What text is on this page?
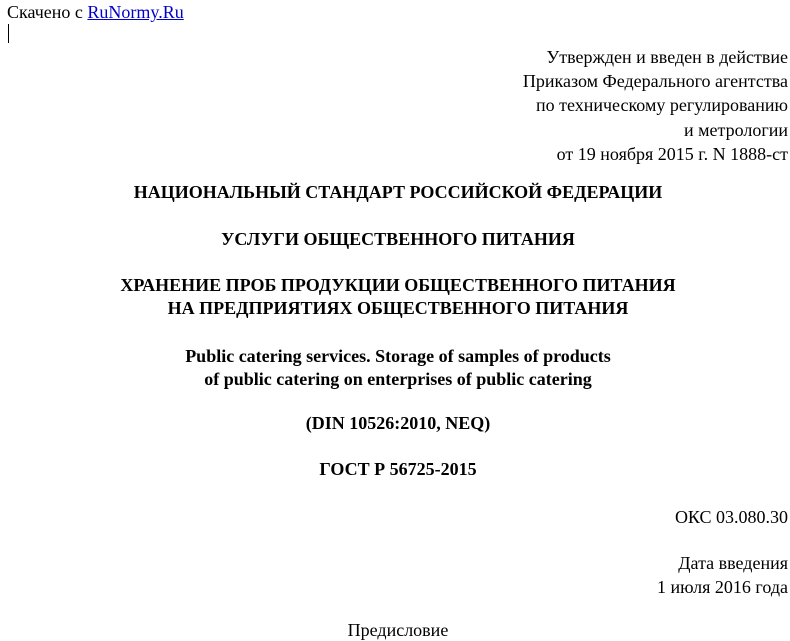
Скачено с RuNormy.Ru
Утвержден и введен в действие
Приказом Федерального агентства
по техническому регулированию
и метрологии
от 19 ноября 2015 г. N 1888-ст
НАЦИОНАЛЬНЫЙ СТАНДАРТ РОССИЙСКОЙ ФЕДЕРАЦИИ
УСЛУГИ ОБЩЕСТВЕННОГО ПИТАНИЯ
ХРАНЕНИЕ ПРОБ ПРОДУКЦИИ ОБЩЕСТВЕННОГО ПИТАНИЯ
НА ПРЕДПРИЯТИЯХ ОБЩЕСТВЕННОГО ПИТАНИЯ
Public catering services. Storage of samples of products
of public catering on enterprises of public catering
(DIN 10526:2010, NEQ)
ГОСТ Р 56725-2015
ОКС 03.080.30
Дата введения
1 июля 2016 года
Предисловие
